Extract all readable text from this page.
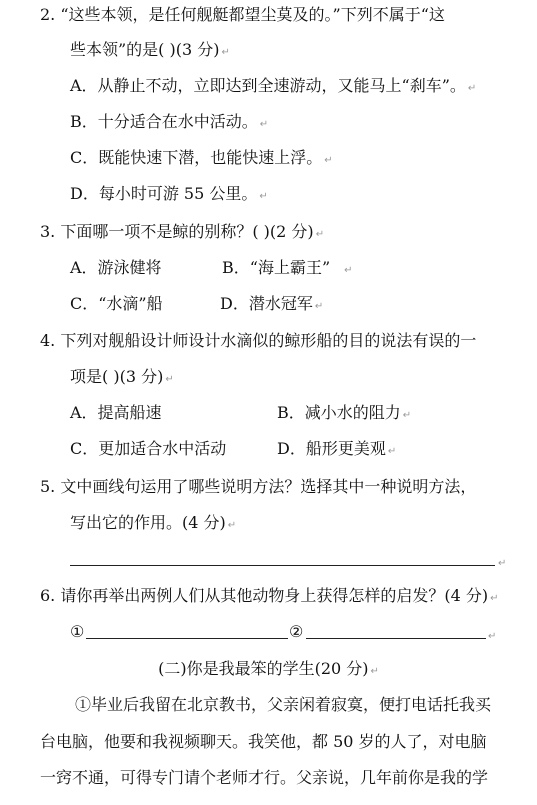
2. “这些本领，是任何舰艇都望尘莫及的。”下列不属于“这
些本领”的是( )(3 分) ↵
A．从静止不动，立即达到全速游动，又能马上“刹车”。 ↵
B．十分适合在水中活动。 ↵
C．既能快速下潜，也能快速上浮。 ↵
D．每小时可游 55 公里。 ↵
3. 下面哪一项不是鲸的别称？( )(2 分) ↵
A．游泳健将	B．“海上霸王” ↵
C．“水滴”船	D．潜水冠军 ↵
4. 下列对舰船设计师设计水滴似的鲸形船的目的说法有误的一
项是( )(3 分) ↵
A．提高船速	B．减小水的阻力 ↵
C．更加适合水中活动	D．船形更美观 ↵
5. 文中画线句运用了哪些说明方法？选择其中一种说明方法，
写出它的作用。(4 分) ↵
↵
6. 请你再举出两例人们从其他动物身上获得怎样的启发？(4 分) ↵
①	②	↵
(二)你是我最笨的学生(20 分) ↵
①毕业后我留在北京教书，父亲闲着寂寞，便打电话托我买
台电脑，他要和我视频聊天。我笑他，都 50 岁的人了，对电脑
一窍不通，可得专门请个老师才行。父亲说，几年前你是我的学
